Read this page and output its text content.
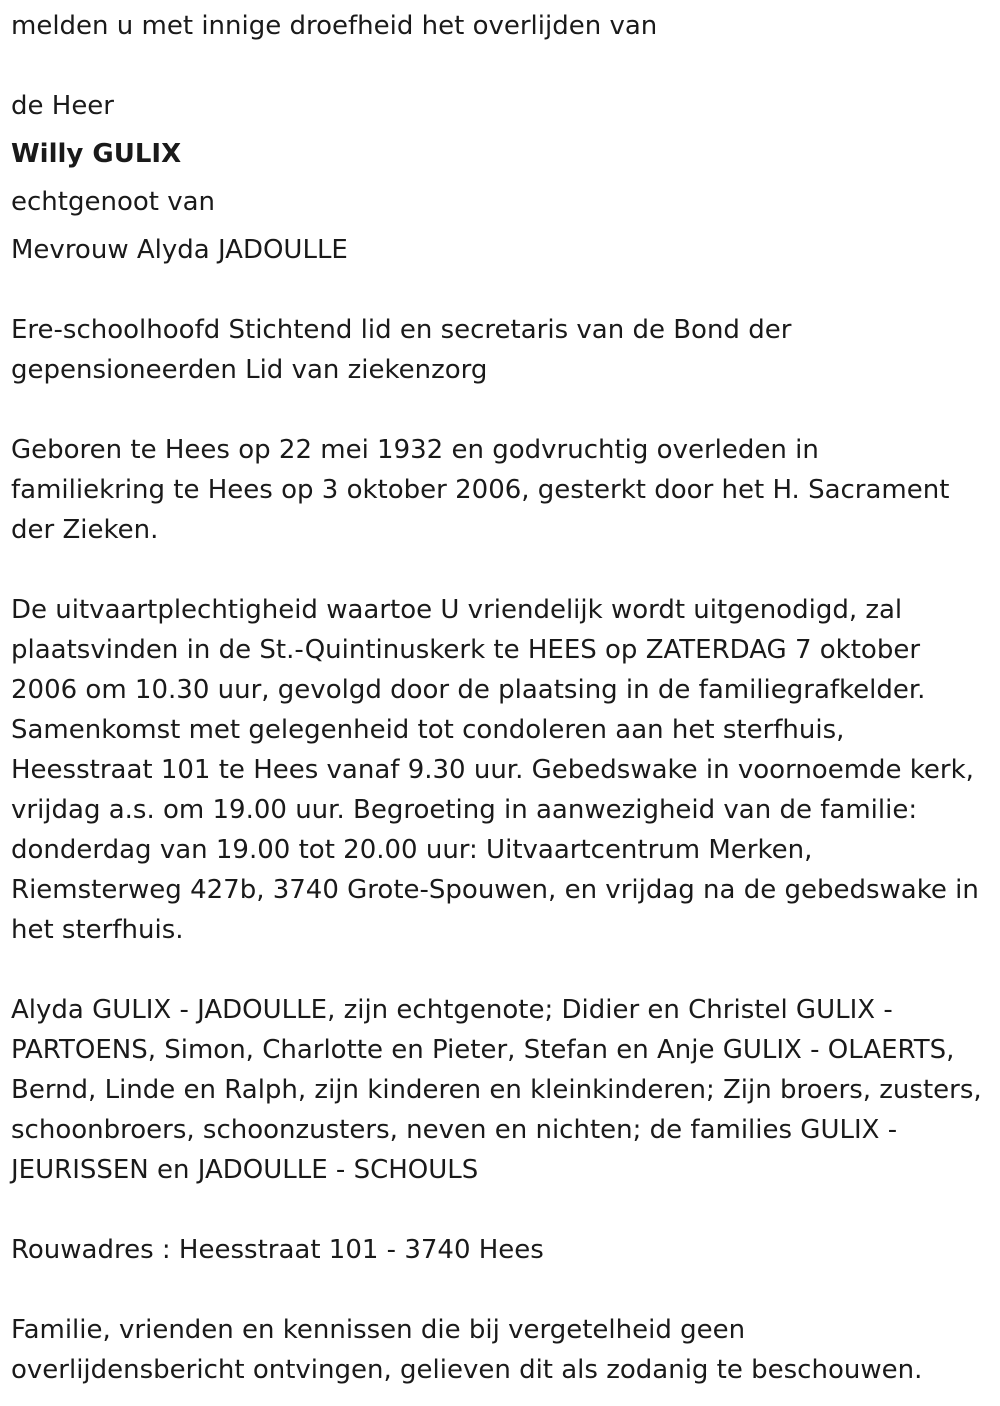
melden u met innige droefheid het overlijden van

de Heer

Willy GULIX

echtgenoot van

Mevrouw Alyda JADOULLE

Ere-schoolhoofd Stichtend lid en secretaris van de Bond der

gepensioneerden Lid van ziekenzorg

Geboren te Hees op 22 mei 1932 en godvruchtig overleden in

familiekring te Hees op 3 oktober 2006, gesterkt door het H. Sacrament

der Zieken.

De uitvaartplechtigheid waartoe U vriendelijk wordt uitgenodigd, zal

plaatsvinden in de St.-Quintinuskerk te HEES op ZATERDAG 7 oktober

2006 om 10.30 uur, gevolgd door de plaatsing in de familiegrafkelder.

Samenkomst met gelegenheid tot condoleren aan het sterfhuis,

Heesstraat 101 te Hees vanaf 9.30 uur. Gebedswake in voornoemde kerk,

vrijdag a.s. om 19.00 uur. Begroeting in aanwezigheid van de familie:

donderdag van 19.00 tot 20.00 uur: Uitvaartcentrum Merken,

Riemsterweg 427b, 3740 Grote-Spouwen, en vrijdag na de gebedswake in

het sterfhuis.

Alyda GULIX - JADOULLE, zijn echtgenote; Didier en Christel GULIX -

PARTOENS, Simon, Charlotte en Pieter, Stefan en Anje GULIX - OLAERTS,

Bernd, Linde en Ralph, zijn kinderen en kleinkinderen; Zijn broers, zusters,

schoonbroers, schoonzusters, neven en nichten; de families GULIX -

JEURISSEN en JADOULLE - SCHOULS

Rouwadres : Heesstraat 101 - 3740 Hees

Familie, vrienden en kennissen die bij vergetelheid geen

overlijdensbericht ontvingen, gelieven dit als zodanig te beschouwen.
